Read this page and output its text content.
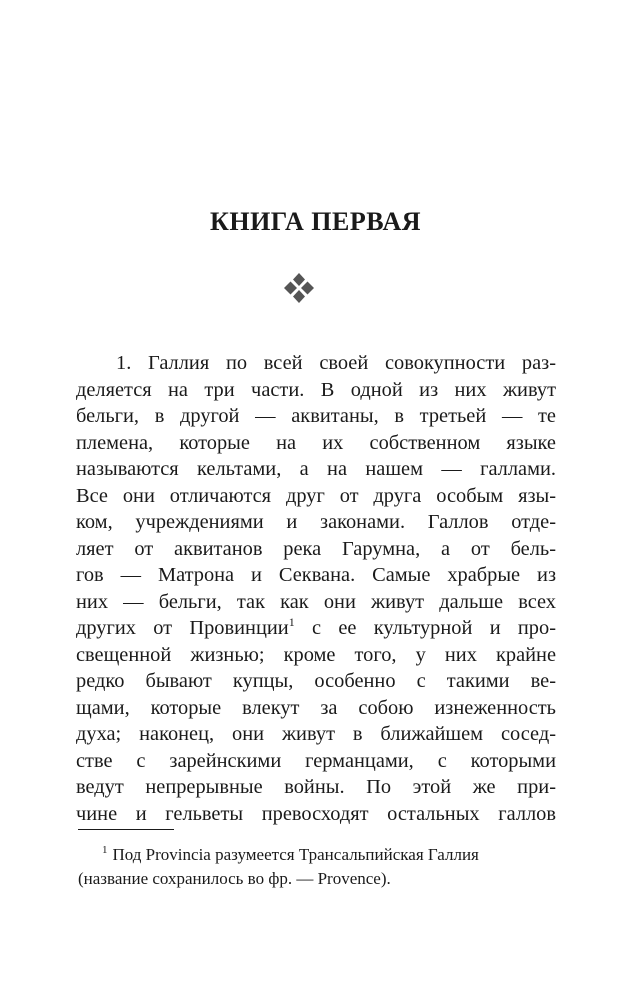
КНИГА ПЕРВАЯ
1. Галлия по всей своей совокупности раз-
деляется на три части. В одной из них живут
бельги, в другой — аквитаны, в третьей — те
племена, которые на их собственном языке
называются кельтами, а на нашем — галлами.
Все они отличаются друг от друга особым язы-
ком, учреждениями и законами. Галлов отде-
ляет от аквитанов река Гарумна, а от бель-
гов — Матрона и Секвана. Самые храбрые из
них — бельги, так как они живут дальше всех
других от Провинции$^1$ с ее культурной и про-
свещенной жизнью; кроме того, у них крайне
редко бывают купцы, особенно с такими ве-
щами, которые влекут за собою изнеженность
духа; наконец, они живут в ближайшем сосед-
стве с зарейнскими германцами, с которыми
ведут непрерывные войны. По этой же при-
чине и гельветы превосходят остальных галлов
$^1$ Под Provincia разумеется Трансальпийская Галлия
(название сохранилось во фр. — Provence).
